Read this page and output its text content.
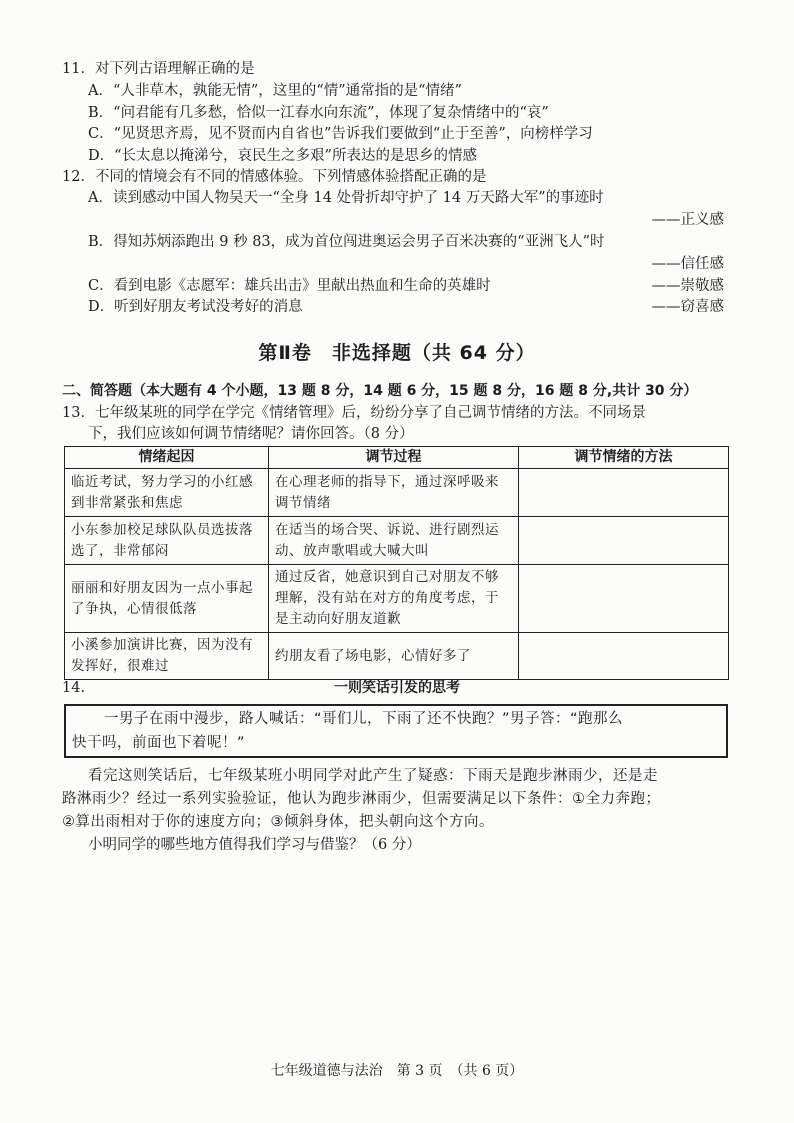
11．对下列古语理解正确的是
A．“人非草木，孰能无情”，这里的“情”通常指的是“情绪”
B．“问君能有几多愁，恰似一江春水向东流”，体现了复杂情绪中的“哀”
C．“见贤思齐焉，见不贤而内自省也”告诉我们要做到“止于至善”，向榜样学习
D．“长太息以掩涕兮，哀民生之多艰”所表达的是思乡的情感
12．不同的情境会有不同的情感体验。下列情感体验搭配正确的是
A．读到感动中国人物吴天一“全身 14 处骨折却守护了 14 万天路大军”的事迹时
——正义感
B．得知苏炳添跑出 9 秒 83，成为首位闯进奥运会男子百米决赛的“亚洲飞人”时
——信任感
C．看到电影《志愿军：雄兵出击》里献出热血和生命的英雄时	——崇敬感
D．听到好朋友考试没考好的消息	——窃喜感
第Ⅱ卷　非选择题（共 64 分）
二、简答题（本大题有 4 个小题，13 题 8 分，14 题 6 分，15 题 8 分，16 题 8 分,共计 30 分）
13．七年级某班的同学在学完《情绪管理》后，纷纷分享了自己调节情绪的方法。不同场景
下，我们应该如何调节情绪呢？请你回答。（8 分）
情绪起因	调节过程	调节情绪的方法
临近考试，努力学习的小红感到非常紧张和焦虑	在心理老师的指导下，通过深呼吸来调节情绪	
小东参加校足球队队员选拔落选了，非常郁闷	在适当的场合哭、诉说、进行剧烈运动、放声歌唱或大喊大叫	
丽丽和好朋友因为一点小事起了争执，心情很低落	通过反省，她意识到自己对朋友不够理解，没有站在对方的角度考虑，于是主动向好朋友道歉	
小溪参加演讲比赛，因为没有发挥好，很难过	约朋友看了场电影，心情好多了	
14.	一则笑话引发的思考
一男子在雨中漫步，路人喊话：“哥们儿，下雨了还不快跑？”男子答：“跑那么
快干吗，前面也下着呢！”
看完这则笑话后，七年级某班小明同学对此产生了疑惑：下雨天是跑步淋雨少，还是走
路淋雨少？经过一系列实验验证，他认为跑步淋雨少，但需要满足以下条件：①全力奔跑；
②算出雨相对于你的速度方向；③倾斜身体，把头朝向这个方向。
小明同学的哪些地方值得我们学习与借鉴？（6 分）
七年级道德与法治　第 3 页　（共 6 页）
